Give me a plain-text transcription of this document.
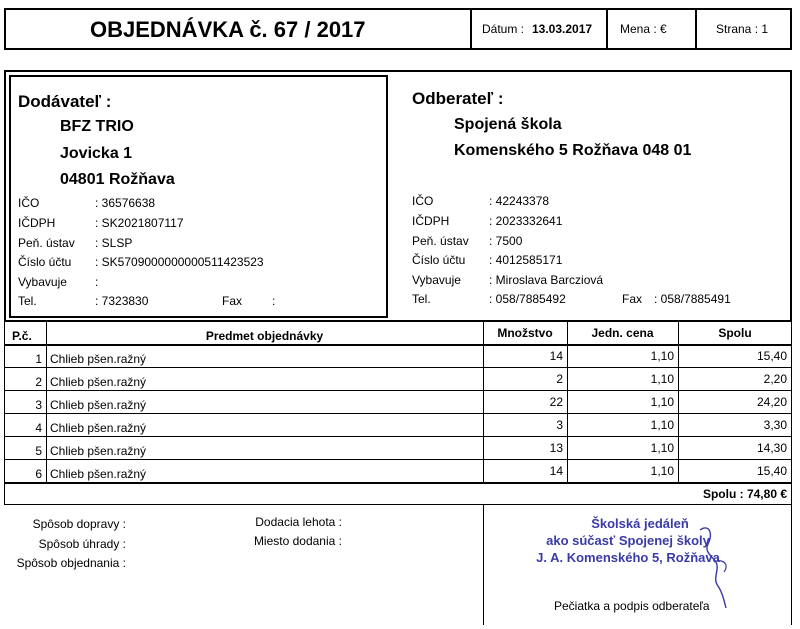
OBJEDNÁVKA č. 67 / 2017	Dátum : 13.03.2017 Mena : €	Strana : 1
Dodávateľ :
BFZ TRIO
Jovicka 1
04801 Rožňava
IČO	: 36576638
IČDPH	: SK2021807117
Peň. ústav : SLSP
Číslo účtu : SK5709000000000511423523
Vybavuje :
Tel.	: 7323830	Fax :
Odberateľ :
Spojená škola
Komenského 5 Rožňava 048 01
IČO	: 42243378
IČDPH	: 2023332641
Peň. ústav : 7500
Číslo účtu : 4012585171
Vybavuje : Miroslava Barcziová
Tel.	: 058/7885492	Fax : 058/7885491
P.č.	Predmet objednávky	Množstvo	Jedn. cena	Spolu
1 Chlieb pšen.ražný	14	1,10	15,40
2 Chlieb pšen.ražný	2	1,10	2,20
3 Chlieb pšen.ražný	22	1,10	24,20
4 Chlieb pšen.ražný	3	1,10	3,30
5 Chlieb pšen.ražný	13	1,10	14,30
6 Chlieb pšen.ražný	14	1,10	15,40
Spolu : 74,80 €
Spôsob dopravy :
Spôsob úhrady :
Spôsob objednania :
Dodacia lehota :
Miesto dodania :
Školská jedáleň
ako súčasť Spojenej školy
J. A. Komenského 5, Rožňava
Pečiatka a podpis odberateľa
